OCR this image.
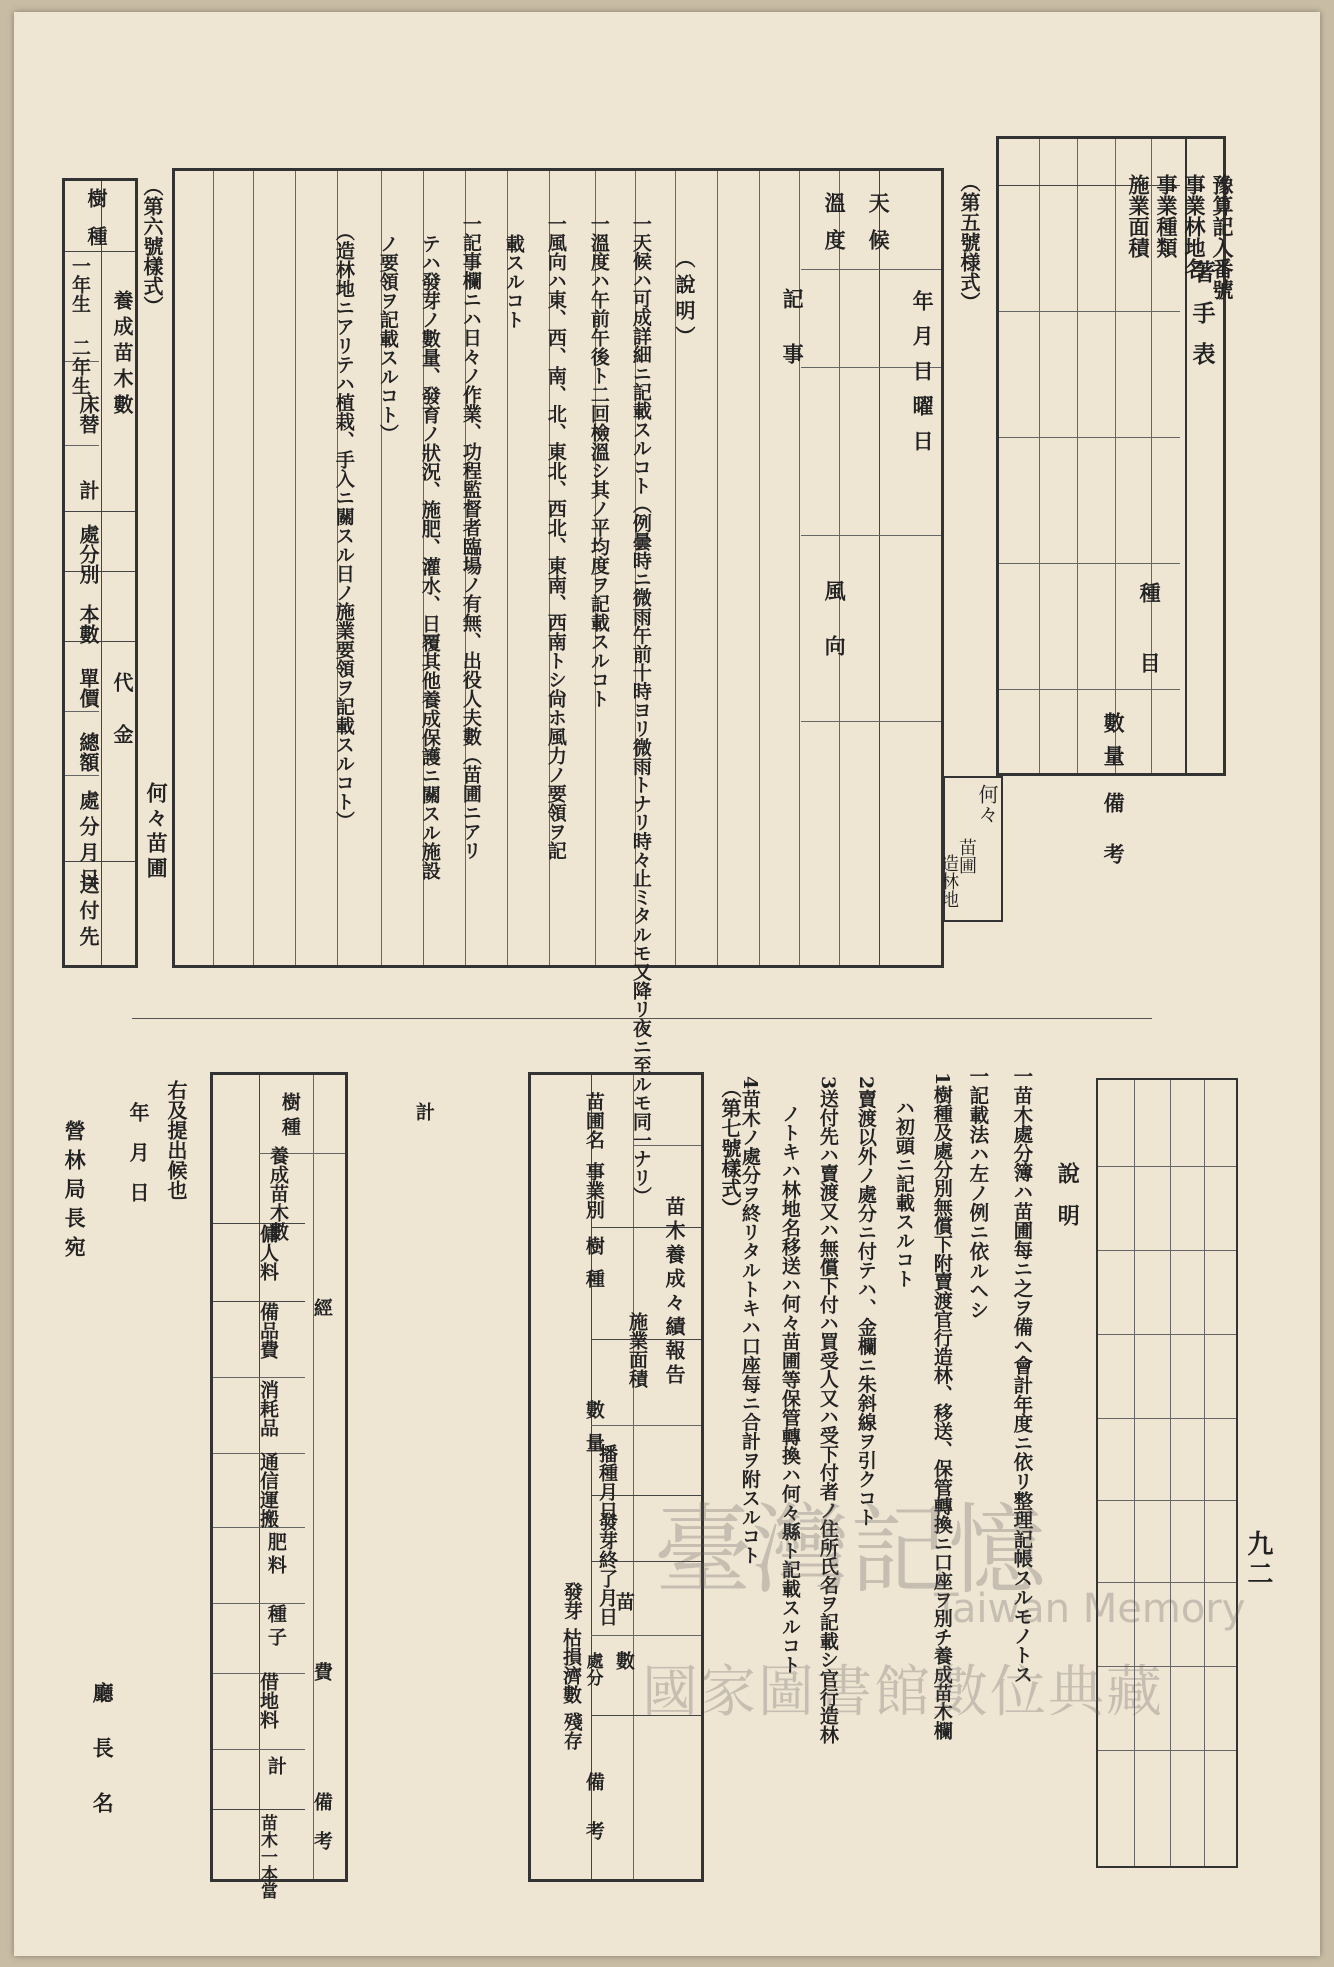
豫算記入番號
事業林地名
事業種類
施業面積
著手表
種
目
數量
備考
何々
苗圃
造林地
（第五號様式）
天候
溫度
風向
記事	年月日曜日
（說明）
一天候ハ可成詳細ニ記載スルコト（例曇時ニ微雨午前十時ヨリ微雨トナリ時々止ミタルモ又降リ夜ニ至ルモ同一ナリ）
一溫度ハ午前午後ト二回檢溫シ其ノ平均度ヲ記載スルコト
一風向ハ東、西、南、北、東北、西北、東南、西南トシ尙ホ風力ノ要領ヲ記
載スルコト
一記事欄ニハ日々ノ作業、功程監督者臨場ノ有無、出役人夫數（苗圃ニアリ
テハ發芽ノ數量、發育ノ狀況、施肥、灌水、日覆其他養成保護ニ關スル施設
ノ要領ヲ記載スルコト）
（造林地ニアリテハ植栽、手入ニ關スル日ノ施業要領ヲ記載スルコト）
（第六號樣式）
何々苗圃
樹種
養成苗木數
一年生
二年生
床替
計
處分別
本數
代金
單價
總額
處分月日
送付先
九二
說明
一苗木處分簿ハ苗圃每ニ之ヲ備ヘ會計年度ニ依リ整理記帳スルモノトス
一記載法ハ左ノ例ニ依ルヘシ
1樹種及處分別無償下附賣渡官行造林、移送、保管轉換ニ口座ヲ別チ養成苗木欄
ハ初頭ニ記載スルコト
2賣渡以外ノ處分ニ付テハ、金欄ニ朱斜線ヲ引クコト
3送付先ハ賣渡又ハ無償下付ハ買受人又ハ受下付者ノ住所氏名ヲ記載シ官行造林
ノトキハ林地名移送ハ何々苗圃等保管轉換ハ何々縣ト記載スルコト
4苗木ノ處分ヲ終リタルトキハ口座每ニ合計ヲ附スルコト
（第七號樣式）
苗木養成々績報告
苗圃名
事業別
樹種
施業面積
數量
播種月日
發芽終了月日
苗數
發芽
枯損濟數 處分
殘存
備考
計
樹種
養成苗木數
經
費
傭人料
備品費
消耗品
通信運搬
肥料
種子
借地料
計
苗木一本當 備考
右及提出候也
年月日
營林局長宛
廳長名
臺灣記憶
Taiwan Memory
國家圖書館數位典藏
